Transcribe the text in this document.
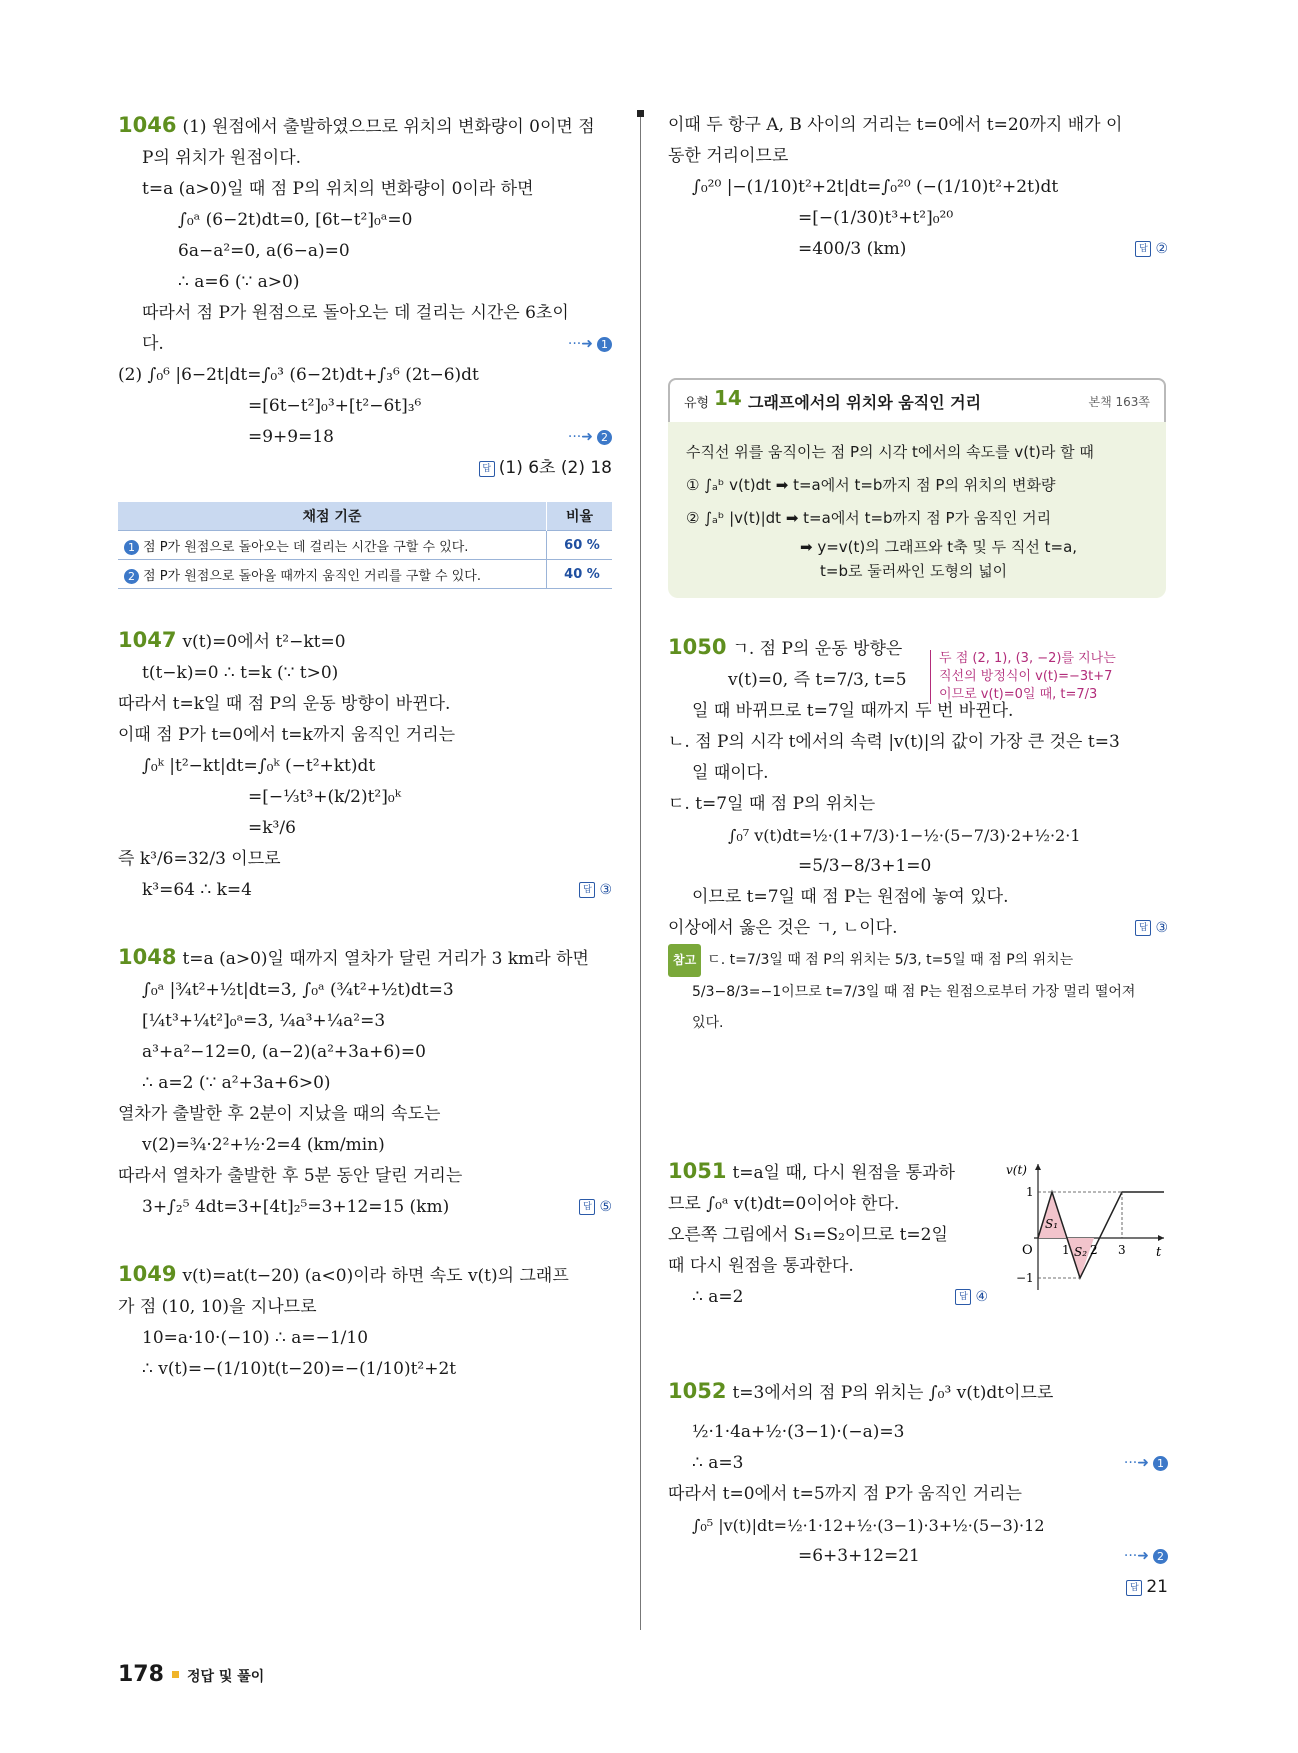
1046 (1) 원점에서 출발하였으므로 위치의 변화량이 0이면 점
P의 위치가 원점이다.
t=a (a>0)일 때 점 P의 위치의 변화량이 0이라 하면
∫₀ᵃ (6−2t)dt=0, [6t−t²]₀ᵃ=0
6a−a²=0, a(6−a)=0
∴ a=6 (∵ a>0)
따라서 점 P가 원점으로 돌아오는 데 걸리는 시간은 6초이
다.	···➜ 1
(2) ∫₀⁶ |6−2t|dt=∫₀³ (6−2t)dt+∫₃⁶ (2t−6)dt
=[6t−t²]₀³+[t²−6t]₃⁶
=9+9=18	···➜ 2
답 (1) 6초 (2) 18
채점 기준	비율
1 점 P가 원점으로 돌아오는 데 걸리는 시간을 구할 수 있다.	60 %
2 점 P가 원점으로 돌아올 때까지 움직인 거리를 구할 수 있다.	40 %
1047 v(t)=0에서 t²−kt=0
t(t−k)=0 ∴ t=k (∵ t>0)
따라서 t=k일 때 점 P의 운동 방향이 바뀐다.
이때 점 P가 t=0에서 t=k까지 움직인 거리는
∫₀ᵏ |t²−kt|dt=∫₀ᵏ (−t²+kt)dt
=[−⅓t³+(k/2)t²]₀ᵏ
=k³/6
즉 k³/6=32/3 이므로
k³=64 ∴ k=4	답 ③
1048 t=a (a>0)일 때까지 열차가 달린 거리가 3 km라 하면
∫₀ᵃ |¾t²+½t|dt=3, ∫₀ᵃ (¾t²+½t)dt=3
[¼t³+¼t²]₀ᵃ=3, ¼a³+¼a²=3
a³+a²−12=0, (a−2)(a²+3a+6)=0
∴ a=2 (∵ a²+3a+6>0)
열차가 출발한 후 2분이 지났을 때의 속도는
v(2)=¾·2²+½·2=4 (km/min)
따라서 열차가 출발한 후 5분 동안 달린 거리는
3+∫₂⁵ 4dt=3+[4t]₂⁵=3+12=15 (km)	답 ⑤
1049 v(t)=at(t−20) (a<0)이라 하면 속도 v(t)의 그래프
가 점 (10, 10)을 지나므로
10=a·10·(−10) ∴ a=−1/10
∴ v(t)=−(1/10)t(t−20)=−(1/10)t²+2t
이때 두 항구 A, B 사이의 거리는 t=0에서 t=20까지 배가 이
동한 거리이므로
∫₀²⁰ |−(1/10)t²+2t|dt=∫₀²⁰ (−(1/10)t²+2t)dt
=[−(1/30)t³+t²]₀²⁰
=400/3 (km)	답 ②
유형 14 그래프에서의 위치와 움직인 거리	본책 163쪽
수직선 위를 움직이는 점 P의 시각 t에서의 속도를 v(t)라 할 때
① ∫ₐᵇ v(t)dt ➡ t=a에서 t=b까지 점 P의 위치의 변화량
② ∫ₐᵇ |v(t)|dt ➡ t=a에서 t=b까지 점 P가 움직인 거리
➡ y=v(t)의 그래프와 t축 및 두 직선 t=a,
t=b로 둘러싸인 도형의 넓이
1050 ㄱ. 점 P의 운동 방향은
v(t)=0, 즉 t=7/3, t=5
일 때 바뀌므로 t=7일 때까지 두 번 바뀐다.
ㄴ. 점 P의 시각 t에서의 속력 |v(t)|의 값이 가장 큰 것은 t=3
일 때이다.
ㄷ. t=7일 때 점 P의 위치는
∫₀⁷ v(t)dt=½·(1+7/3)·1−½·(5−7/3)·2+½·2·1
=5/3−8/3+1=0
이므로 t=7일 때 점 P는 원점에 놓여 있다.
이상에서 옳은 것은 ㄱ, ㄴ이다.	답 ③
참고 ㄷ. t=7/3일 때 점 P의 위치는 5/3, t=5일 때 점 P의 위치는
5/3−8/3=−1이므로 t=7/3일 때 점 P는 원점으로부터 가장 멀리 떨어져
있다.
두 점 (2, 1), (3, −2)를 지나는
직선의 방정식이 v(t)=−3t+7
이므로 v(t)=0일 때, t=7/3
1051 t=a일 때, 다시 원점을 통과하
므로 ∫₀ᵃ v(t)dt=0이어야 한다.
오른쪽 그림에서 S₁=S₂이므로 t=2일
때 다시 원점을 통과한다.
∴ a=2	답 ④
v(t)
t
O
1
−1
1 2 3
S₁
S₂
1052 t=3에서의 점 P의 위치는 ∫₀³ v(t)dt이므로
½·1·4a+½·(3−1)·(−a)=3
∴ a=3	···➜ 1
따라서 t=0에서 t=5까지 점 P가 움직인 거리는
∫₀⁵ |v(t)|dt=½·1·12+½·(3−1)·3+½·(5−3)·12
=6+3+12=21	···➜ 2
답 21
178 정답 및 풀이
